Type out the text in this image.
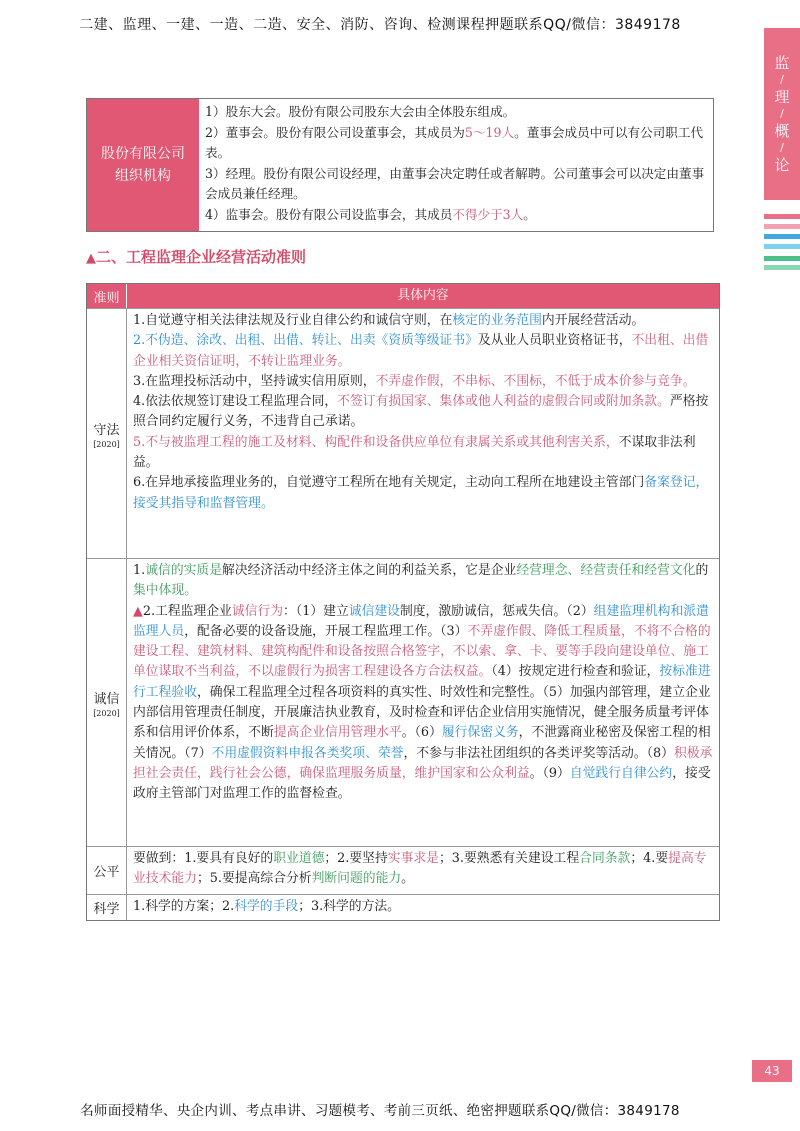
二建、监理、一建、一造、二造、安全、消防、咨询、检测课程押题联系QQ/微信：3849178
监
/
理
/
概
/
论
股份有限公司组织机构
1）股东大会。股份有限公司股东大会由全体股东组成。
2）董事会。股份有限公司设董事会，其成员为5～19人。董事会成员中可以有公司职工代表。
3）经理。股份有限公司设经理，由董事会决定聘任或者解聘。公司董事会可以决定由董事会成员兼任经理。
4）监事会。股份有限公司设监事会，其成员不得少于3人。
▲二、工程监理企业经营活动准则
准则	具体内容
守法
[2020]
1.自觉遵守相关法律法规及行业自律公约和诚信守则，在核定的业务范围内开展经营活动。
2.不伪造、涂改、出租、出借、转让、出卖《资质等级证书》及从业人员职业资格证书，不出租、出借企业相关资信证明，不转让监理业务。
3.在监理投标活动中，坚持诚实信用原则，不弄虚作假，不串标、不围标，不低于成本价参与竞争。
4.依法依规签订建设工程监理合同，不签订有损国家、集体或他人利益的虚假合同或附加条款。严格按照合同约定履行义务，不违背自己承诺。
5.不与被监理工程的施工及材料、构配件和设备供应单位有隶属关系或其他利害关系，不谋取非法利益。
6.在异地承接监理业务的，自觉遵守工程所在地有关规定，主动向工程所在地建设主管部门备案登记，接受其指导和监督管理。
诚信
[2020]
1.诚信的实质是解决经济活动中经济主体之间的利益关系，它是企业经营理念、经营责任和经营文化的集中体现。
▲2.工程监理企业诚信行为：（1）建立诚信建设制度，激励诚信，惩戒失信。（2）组建监理机构和派遣监理人员，配备必要的设备设施，开展工程监理工作。（3）不弄虚作假、降低工程质量，不将不合格的建设工程、建筑材料、建筑构配件和设备按照合格签字，不以索、拿、卡、要等手段向建设单位、施工单位谋取不当利益，不以虚假行为损害工程建设各方合法权益。（4）按规定进行检查和验证，按标准进行工程验收，确保工程监理全过程各项资料的真实性、时效性和完整性。（5）加强内部管理，建立企业内部信用管理责任制度，开展廉洁执业教育，及时检查和评估企业信用实施情况，健全服务质量考评体系和信用评价体系，不断提高企业信用管理水平。（6）履行保密义务，不泄露商业秘密及保密工程的相关情况。（7）不用虚假资料申报各类奖项、荣誉，不参与非法社团组织的各类评奖等活动。（8）积极承担社会责任，践行社会公德，确保监理服务质量，维护国家和公众利益。（9）自觉践行自律公约，接受政府主管部门对监理工作的监督检查。
公平
要做到：1.要具有良好的职业道德；2.要坚持实事求是；3.要熟悉有关建设工程合同条款；4.要提高专业技术能力；5.要提高综合分析判断问题的能力。
科学	1.科学的方案；2.科学的手段；3.科学的方法。
43
名师面授精华、央企内训、考点串讲、习题模考、考前三页纸、绝密押题联系QQ/微信：3849178
